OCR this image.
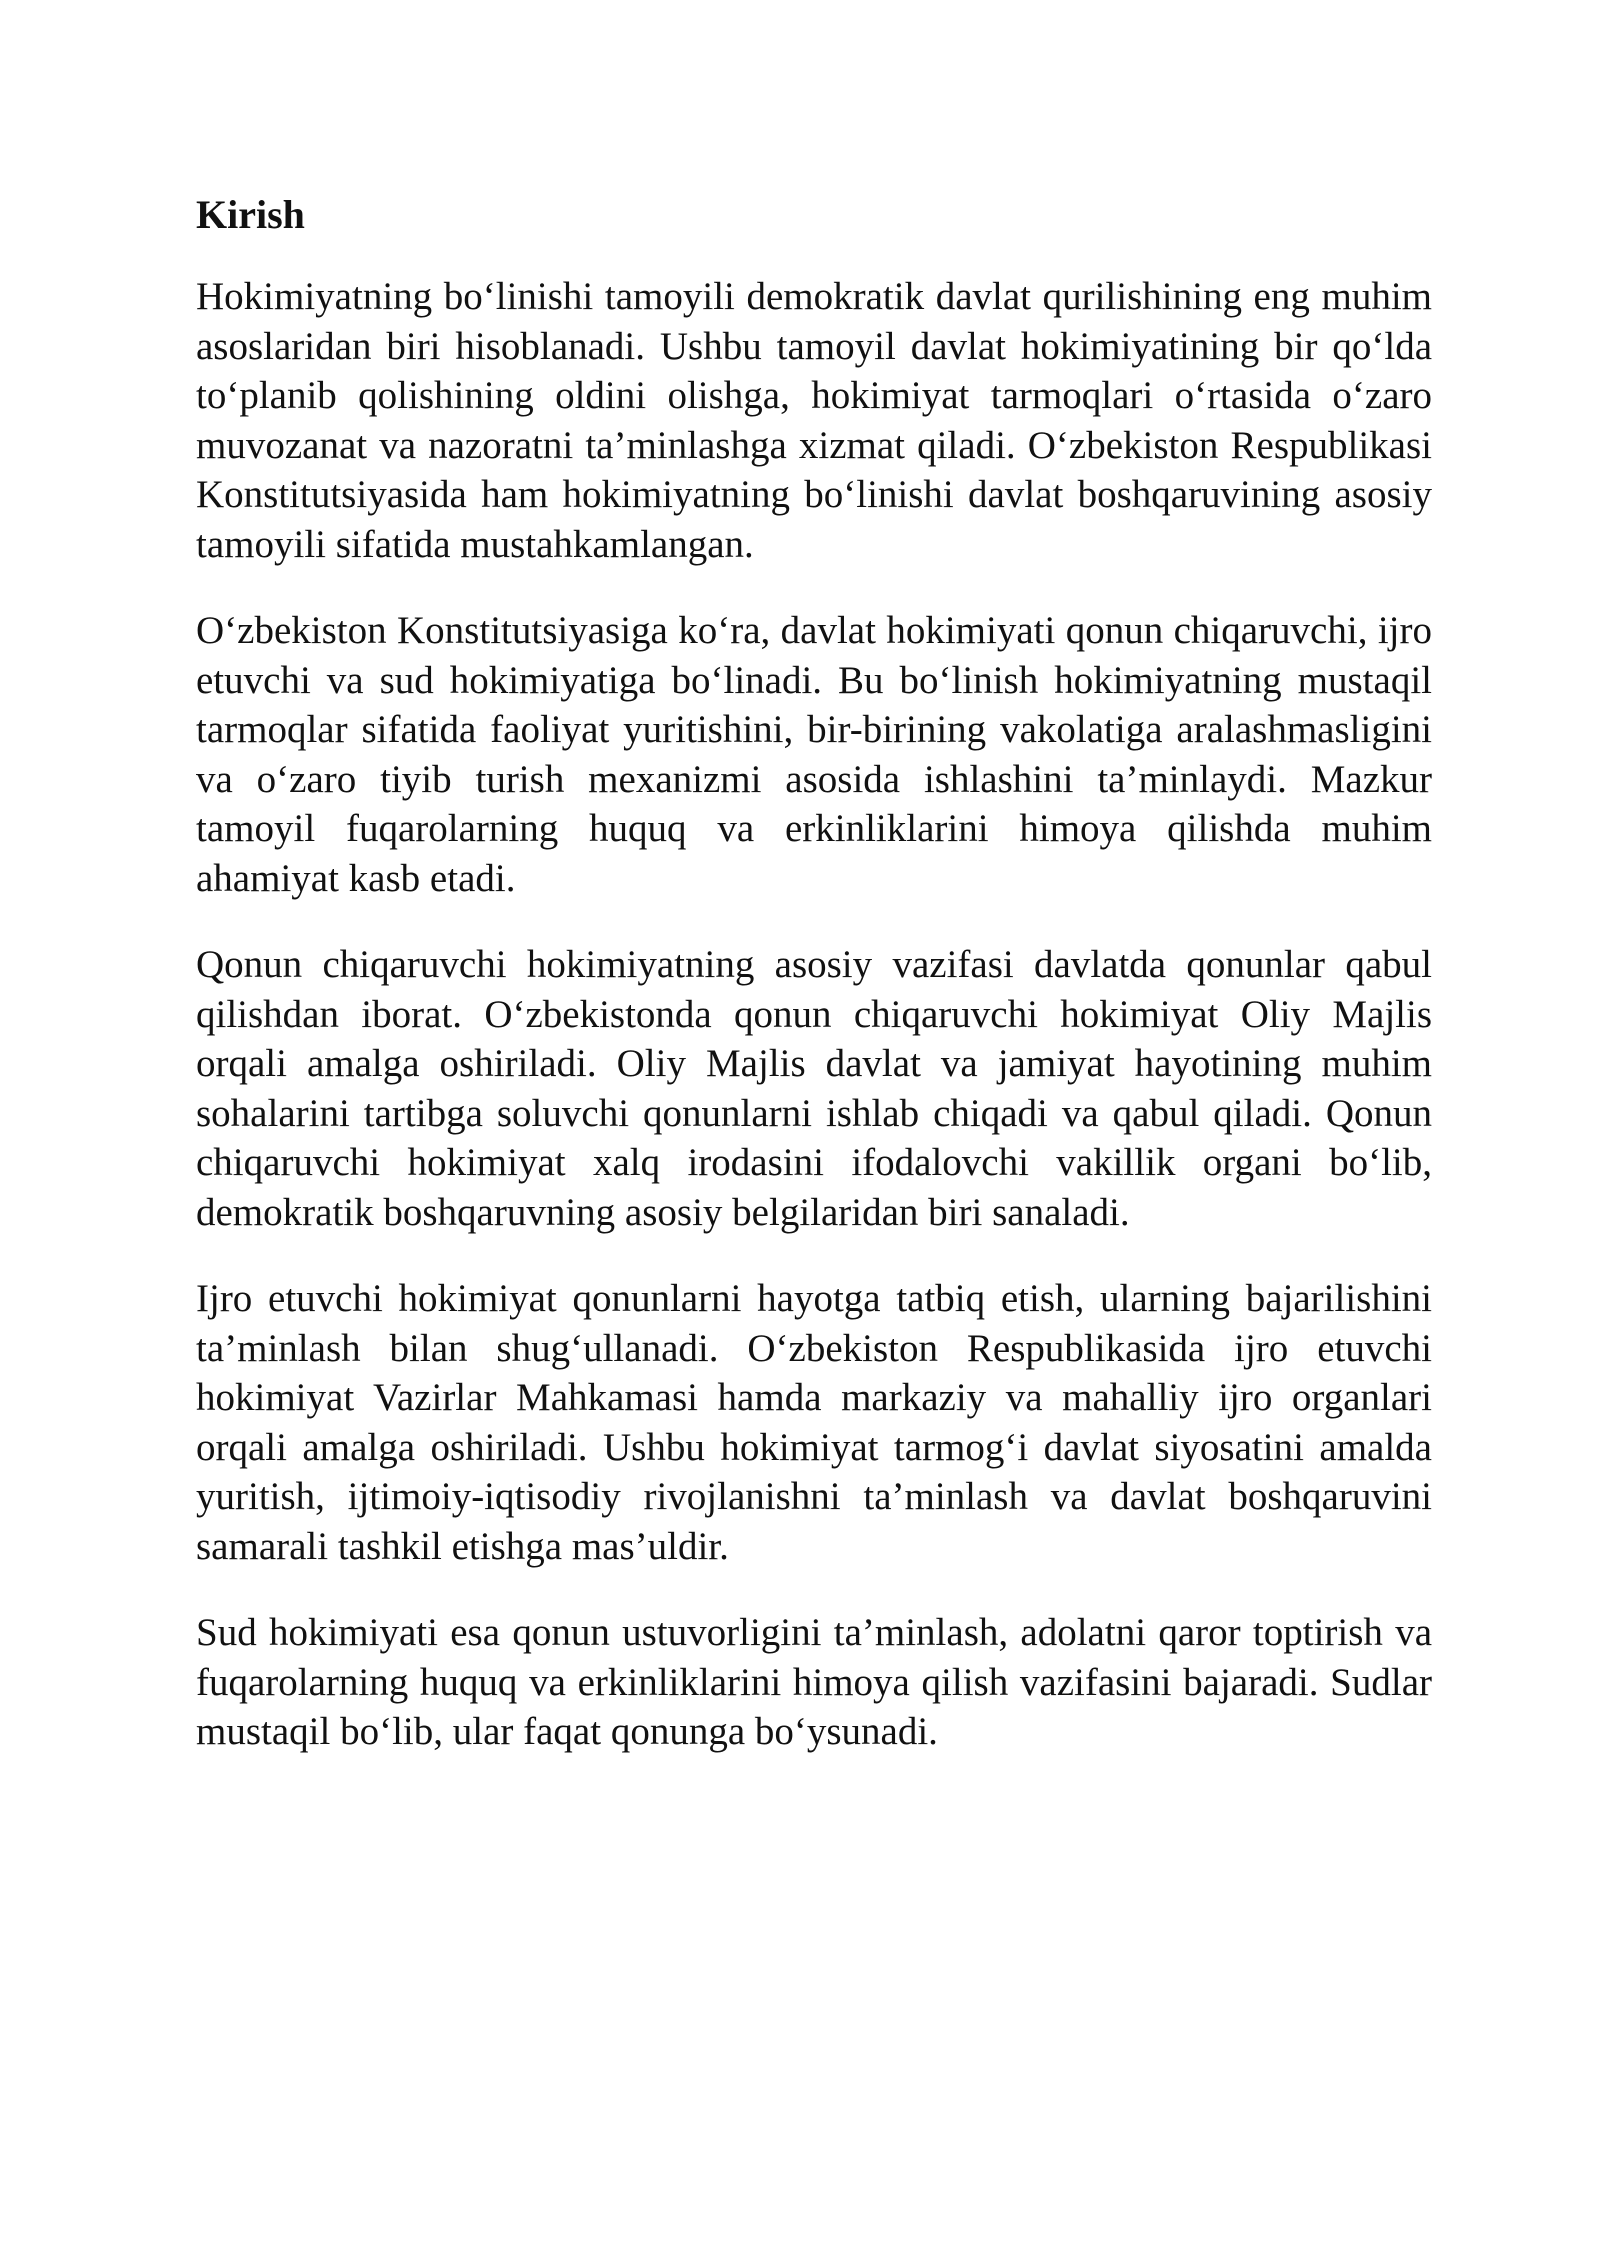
Kirish

Hokimiyatning bo‘linishi tamoyili demokratik davlat qurilishining eng muhim asoslaridan biri hisoblanadi. Ushbu tamoyil davlat hokimiyatining bir qo‘lda to‘planib qolishining oldini olishga, hokimiyat tarmoqlari o‘rtasida o‘zaro muvozanat va nazoratni ta’minlashga xizmat qiladi. O‘zbekiston Respublikasi Konstitutsiyasida ham hokimiyatning bo‘linishi davlat boshqaruvining asosiy tamoyili sifatida mustahkamlangan.

O‘zbekiston Konstitutsiyasiga ko‘ra, davlat hokimiyati qonun chiqaruvchi, ijro etuvchi va sud hokimiyatiga bo‘linadi. Bu bo‘linish hokimiyatning mustaqil tarmoqlar sifatida faoliyat yuritishini, bir-birining vakolatiga aralashmasligini va o‘zaro tiyib turish mexanizmi asosida ishlashini ta’minlaydi. Mazkur tamoyil fuqarolarning huquq va erkinliklarini himoya qilishda muhim ahamiyat kasb etadi.

Qonun chiqaruvchi hokimiyatning asosiy vazifasi davlatda qonunlar qabul qilishdan iborat. O‘zbekistonda qonun chiqaruvchi hokimiyat Oliy Majlis orqali amalga oshiriladi. Oliy Majlis davlat va jamiyat hayotining muhim sohalarini tartibga soluvchi qonunlarni ishlab chiqadi va qabul qiladi. Qonun chiqaruvchi hokimiyat xalq irodasini ifodalovchi vakillik organi bo‘lib, demokratik boshqaruvning asosiy belgilaridan biri sanaladi.

Ijro etuvchi hokimiyat qonunlarni hayotga tatbiq etish, ularning bajarilishini ta’minlash bilan shug‘ullanadi. O‘zbekiston Respublikasida ijro etuvchi hokimiyat Vazirlar Mahkamasi hamda markaziy va mahalliy ijro organlari orqali amalga oshiriladi. Ushbu hokimiyat tarmog‘i davlat siyosatini amalda yuritish, ijtimoiy-iqtisodiy rivojlanishni ta’minlash va davlat boshqaruvini samarali tashkil etishga mas’uldir.

Sud hokimiyati esa qonun ustuvorligini ta’minlash, adolatni qaror toptirish va fuqarolarning huquq va erkinliklarini himoya qilish vazifasini bajaradi. Sudlar mustaqil bo‘lib, ular faqat qonunga bo‘ysunadi.
